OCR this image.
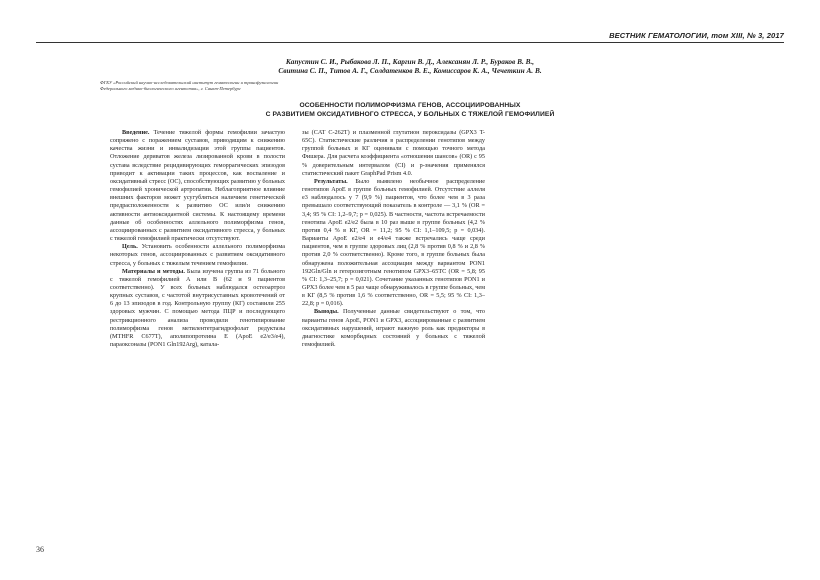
ВЕСТНИК ГЕМАТОЛОГИИ, том XIII, № 3, 2017
Капустин С. И., Рыбакова Л. П., Каргин В. Д., Алексанян Л. Р., Бураков В. В.,
Свитина С. П., Титов А. Г., Солдатенков В. Е., Комиссаров К. А., Чечеткин А. В.
ФГБУ «Российский научно-исследовательский институт гематологии и трансфузиологии
Федерального медико-биологического агентства», г. Санкт-Петербург
ОСОБЕННОСТИ ПОЛИМОРФИЗМА ГЕНОВ, АССОЦИИРОВАННЫХ
С РАЗВИТИЕМ ОКСИДАТИВНОГО СТРЕССА, У БОЛЬНЫХ С ТЯЖЕЛОЙ ГЕМОФИЛИЕЙ

Введение. Течение тяжелой формы гемофилии зачастую сопряжено с поражением суставов, приводящим к снижению качества жизни и инвалидизации этой группы пациентов. Отложение дериватов железа лизированной крови в полости сустава вследствие рецидивирующих геморрагических эпизодов приводит к активации таких процессов, как воспаление и оксидативный стресс (ОС), способствующих развитию у больных гемофилией хронической артропатии. Неблагоприятное влияние внешних факторов может усугубляться наличием генетической предрасположенности к развитию ОС или/и снижению активности антиоксидантной системы. К настоящему времени данные об особенностях аллельного полиморфизма генов, ассоциированных с развитием оксидативного стресса, у больных с тяжелой гемофилией практически отсутствуют.

Цель. Установить особенности аллельного полиморфизма некоторых генов, ассоциированных с развитием оксидативного стресса, у больных с тяжелым течением гемофилии.

Материалы и методы. Была изучена группа из 71 больного с тяжелой гемофилией А или В (62 и 9 пациентов соответственно). У всех больных наблюдался остеоартроз крупных суставов, с частотой внутрисуставных кровотечений от 6 до 13 эпизодов в год. Контрольную группу (КГ) составили 255 здоровых мужчин. С помощью метода ПЦР и последующего рестрикционного анализа проводили генотипирование полиморфизма генов метилентетрагидрофолат редуктазы (MTHFR C677T), аполипопротеина Е (ApoE e2/e3/e4), параоксоназы (PON1 Gln192Arg), катала-

зы (CAT C-262T) и плазменной глутатион пероксидазы (GPX3 T-65C). Статистические различия в распределении генотипов между группой больных и КГ оценивали с помощью точного метода Фишера. Для расчета коэффициента «отношения шансов» (OR) с 95 % доверительным интервалом (CI) и р-значения применялся статистический пакет GraphPad Prism 4.0.

Результаты. Было выявлено необычное распределение генотипов ApoE в группе больных гемофилией. Отсутствие аллеля e3 наблюдалось у 7 (9,9 %) пациентов, что более чем в 3 раза превышало соответствующий показатель в контроле — 3,1 % (OR = 3,4; 95 % CI: 1,2–9,7; p = 0,025). В частности, частота встречаемости генотипа ApoE e2/e2 была в 10 раз выше в группе больных (4,2 % против 0,4 % в КГ, OR = 11,2; 95 % CI: 1,1–109,5; p = 0,034). Варианты ApoE e2/e4 и e4/e4 также встречались чаще среди пациентов, чем в группе здоровых лиц (2,8 % против 0,8 % и 2,8 % против 2,0 % соответственно). Кроме того, в группе больных была обнаружена положительная ассоциация между вариантом PON1 192Gln/Gln и гетерозиготным генотипом GPX3–65TC (OR = 5,8; 95 % CI: 1,3–25,7; p = 0,021). Сочетание указанных генотипов PON1 и GPX3 более чем в 5 раз чаще обнаруживалось в группе больных, чем в КГ (8,5 % против 1,6 % соответственно, OR = 5,5; 95 % CI: 1,3–22,8; p = 0,016).

Выводы. Полученные данные свидетельствуют о том, что варианты генов ApoE, PON1 и GPX3, ассоциированные с развитием оксидативных нарушений, играют важную роль как предикторы в диагностике коморбидных состояний у больных с тяжелой гемофилией.

36
